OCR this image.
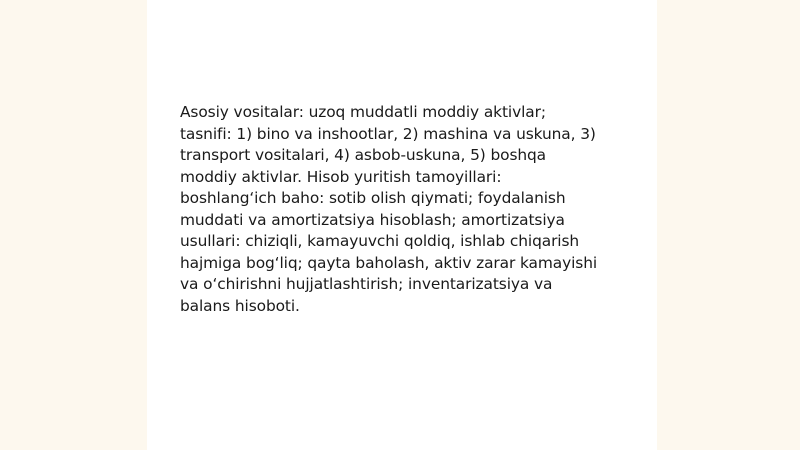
Asosiy vositalar: uzoq muddatli moddiy aktivlar;
tasnifi: 1) bino va inshootlar, 2) mashina va uskuna, 3)
transport vositalari, 4) asbob-uskuna, 5) boshqa
moddiy aktivlar. Hisob yuritish tamoyillari:
boshlang‘ich baho: sotib olish qiymati; foydalanish
muddati va amortizatsiya hisoblash; amortizatsiya
usullari: chiziqli, kamayuvchi qoldiq, ishlab chiqarish
hajmiga bog‘liq; qayta baholash, aktiv zarar kamayishi
va o‘chirishni hujjatlashtirish; inventarizatsiya va
balans hisoboti.
